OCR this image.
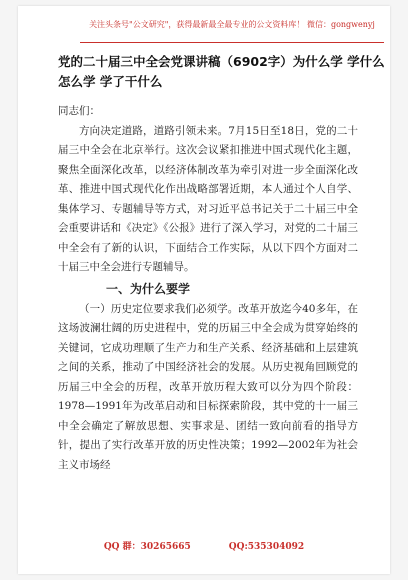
关注头条号"公文研究"，获得最新最全最专业的公文资料库！ 微信：gongwenyj
党的二十届三中全会党课讲稿（6902字）为什么学 学什么
怎么学 学了干什么

同志们：

方向决定道路，道路引领未来。7月15日至18日，党的二十届三中全会在北京举行。这次会议紧扣推进中国式现代化主题，聚焦全面深化改革，以经济体制改革为牵引对进一步全面深化改革、推进中国式现代化作出战略部署近期，本人通过个人自学、集体学习、专题辅导等方式，对习近平总书记关于二十届三中全会重要讲话和《决定》《公报》进行了深入学习，对党的二十届三中全会有了新的认识，下面结合工作实际，从以下四个方面对二十届三中全会进行专题辅导。

一、为什么要学

（一）历史定位要求我们必须学。改革开放迄今40多年，在这场波澜壮阔的历史进程中，党的历届三中全会成为贯穿始终的关键词，它成功理顺了生产力和生产关系、经济基础和上层建筑之间的关系，推动了中国经济社会的发展。从历史视角回顾党的历届三中全会的历程，改革开放历程大致可以分为四个阶段：1978—1991年为改革启动和目标探索阶段，其中党的十一届三中全会确定了解放思想、实事求是、团结一致向前看的指导方针，提出了实行改革开放的历史性决策；1992—2002年为社会主义市场经

QQ 群：30265665	QQ:535304092
